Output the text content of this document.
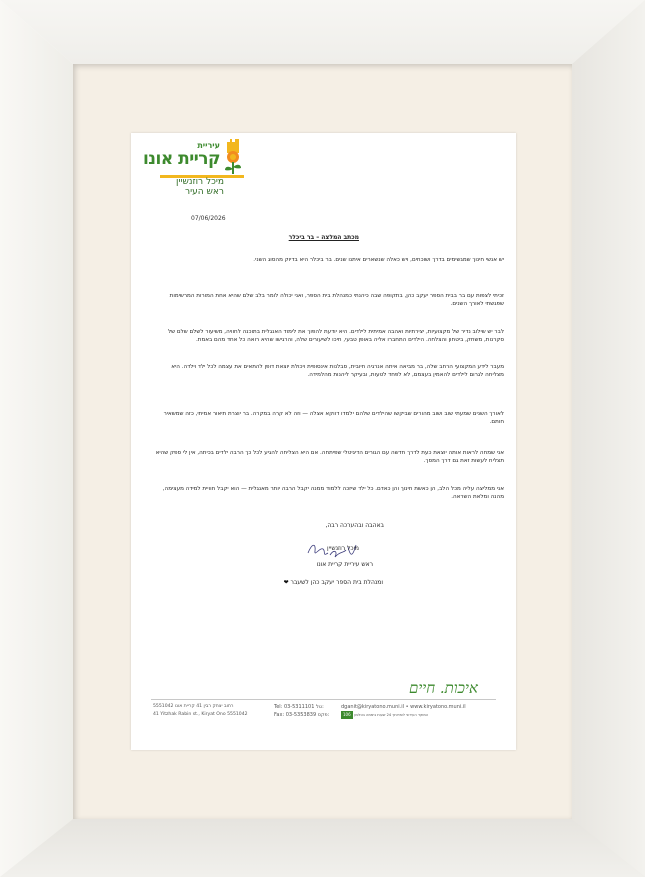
עיריית
קריית אונו
מיכל רוזנשיין
ראש העיר
07/06/2026
מכתב המלצה – בר ביכלר
יש אנשי חינוך שמגשימים בדרך ושוכחים, ויש כאלה שנשארים איתנו שנים. בר ביכלר היא בדיוק מהסוג השני.
זכיתי לצפות עם בר בבית הספר יעקב כהן, בתקופה שבה כיהנתי כמנהלת בית הספר, ואני יכולה לומר בלב שלם שהיא אחת המורות המרשימות שפגשתי לאורך השנים.
לבר יש שילוב נדיר של מקצועיות, יצירתיות ואהבה אמיתית לילדים. היא יודעת להפוך את לימוד האנגלית בתוכנה לחוויה, משיעור לשלם שלם של סקרנות, משחק, ביטחון והצלחה. הילדים התחברו אליה באופן טבעי, חיכו לשיעורים שלה, והרגישו שהיא רואה כל אחד מהם באמת.
מעבר לידע המקצועי הרחב שלה, בר מביאה איתה אנרגיה חיובית, סבלנות אינסופית ויכולת יוצאת דופן להתאים את עצמה לכל ילד וילדה. היא מצליחה לגרום לילדים להאמין בעצמם, לא לפחד לטעות, ובעיקר ליהנות מהלמידה.
לאורך השנים שמעתי שוב ושוב מהורים שביקשו שהילדים שלהם ילמדו דווקא אצלה — וזה לא קרה במקרה. בר יוצרת תיאור אמיתי, כזה שמשאיר חותם.
אני שמחה לראות אותה יוצאת כעת לדרך חדשה עם הגורים הדיגיטלי שפיתחה. אם היא הצליחה להגיע לכל כך הרבה ילדים בכיתה, אין לי ספק שהיא תצליח לעשות זאת גם דרך המסך.
אני ממליצה עליה מכל הלב, הן כאשת חינוך והן כאדם. כל ילד שיזכה ללמוד ממנה יקבל הרבה יותר מאנגלית — הוא יקבל חוויית למידה מעצימה, מהנה ומלאת השראה.
באהבה ובהערכה רבה,
מיכל רוזנשיין
ראש עיריית קריית אונו
ומנהלת בית הספר יעקב כהן לשעבר ❤
איכות. חיים
dganit@kiryatono.muni.il • www.kiryatono.muni.il
106 המוקד העירוני לשירותך 24 שעות ביממה בטלפון
Tel: 03-5311101 טל:
Fax: 03-5353839 פקס:
רחוב יצחק רבין 41 קריית אונו 5551042
41 Yitzhak Rabin st., Kiryat Ono 5551042
